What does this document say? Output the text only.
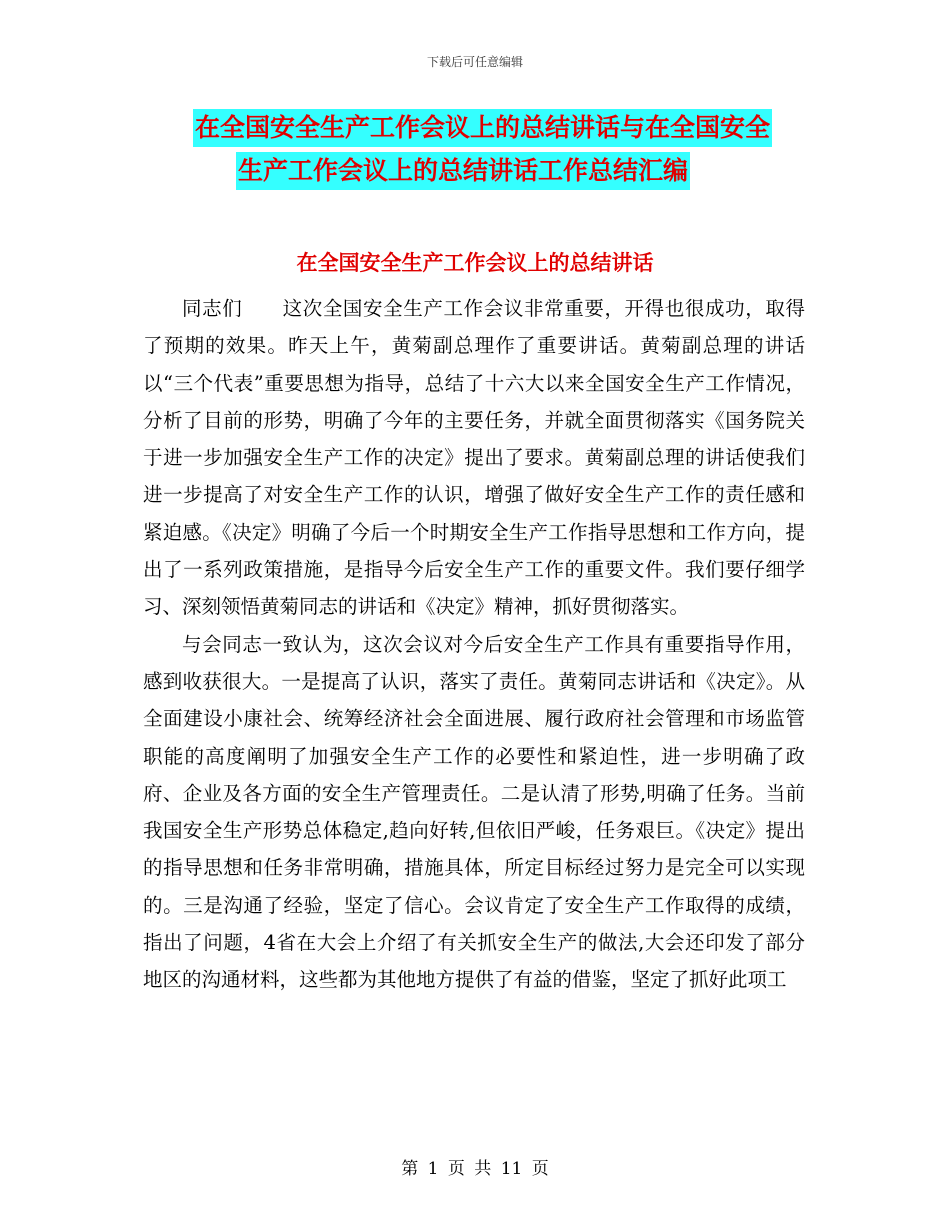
下载后可任意编辑
在全国安全生产工作会议上的总结讲话与在全国安全
生产工作会议上的总结讲话工作总结汇编
在全国安全生产工作会议上的总结讲话

同志们　　这次全国安全生产工作会议非常重要，开得也很成功，取得了预期的效果。昨天上午，黄菊副总理作了重要讲话。黄菊副总理的讲话以“三个代表”重要思想为指导，总结了十六大以来全国安全生产工作情况，分析了目前的形势，明确了今年的主要任务，并就全面贯彻落实《国务院关于进一步加强安全生产工作的决定》提出了要求。黄菊副总理的讲话使我们进一步提高了对安全生产工作的认识，增强了做好安全生产工作的责任感和紧迫感。《决定》明确了今后一个时期安全生产工作指导思想和工作方向，提出了一系列政策措施，是指导今后安全生产工作的重要文件。我们要仔细学习、深刻领悟黄菊同志的讲话和《决定》精神，抓好贯彻落实。

与会同志一致认为，这次会议对今后安全生产工作具有重要指导作用，感到收获很大。一是提高了认识，落实了责任。黄菊同志讲话和《决定》。从全面建设小康社会、统筹经济社会全面进展、履行政府社会管理和市场监管职能的高度阐明了加强安全生产工作的必要性和紧迫性，进一步明确了政府、企业及各方面的安全生产管理责任。二是认清了形势,明确了任务。当前我国安全生产形势总体稳定,趋向好转,但依旧严峻，任务艰巨。《决定》提出的指导思想和任务非常明确，措施具体，所定目标经过努力是完全可以实现的。三是沟通了经验，坚定了信心。会议肯定了安全生产工作取得的成绩，指出了问题，4省在大会上介绍了有关抓安全生产的做法,大会还印发了部分地区的沟通材料，这些都为其他地方提供了有益的借鉴，坚定了抓好此项工

第 1 页 共 11 页
